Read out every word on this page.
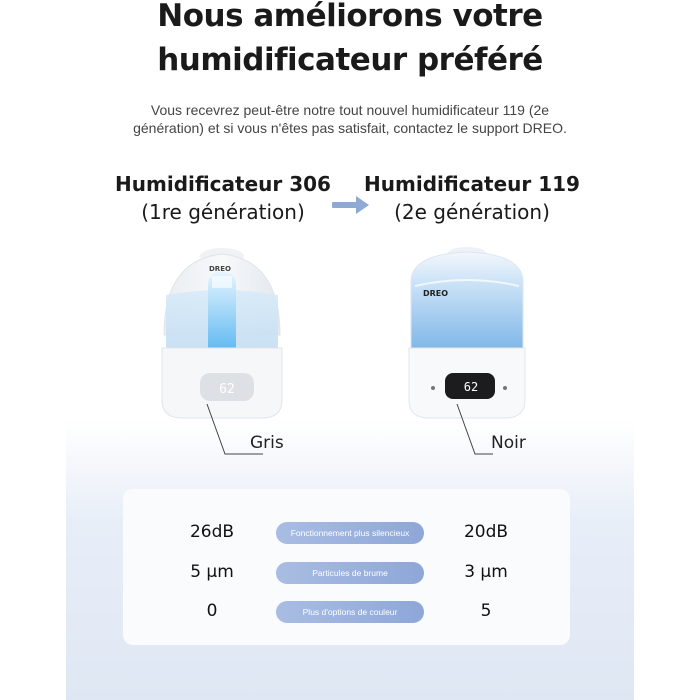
Nous améliorons votre
humidificateur préféré
Vous recevrez peut-être notre tout nouvel humidificateur 119 (2e
génération) et si vous n'êtes pas satisfait, contactez le support DREO.
Humidificateur 306
(1re génération)
Humidificateur 119
(2e génération)
62
Gris
DREO
62
DREO
Noir
26dB	Fonctionnement plus silencieux	20dB
5 μm	Particules de brume	3 μm
0	Plus d'options de couleur	5
